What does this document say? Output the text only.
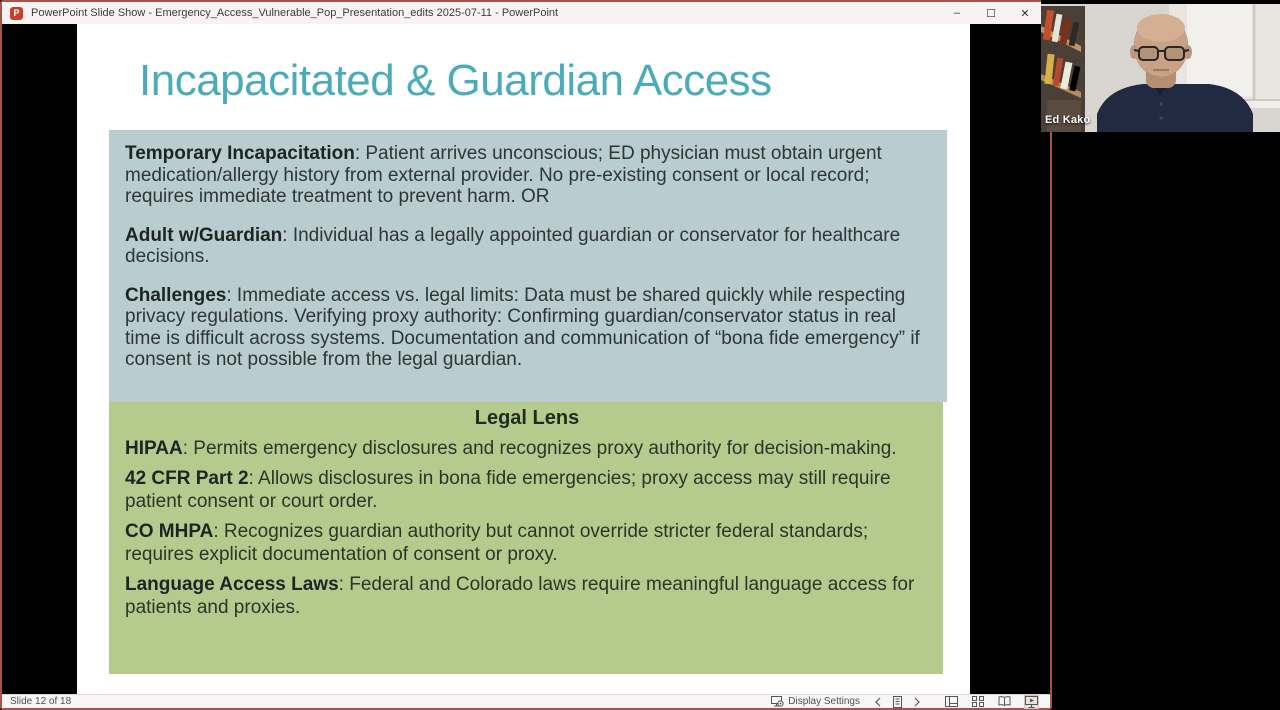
P	PowerPoint Slide Show - Emergency_Access_Vulnerable_Pop_Presentation_edits 2025-07-11 - PowerPoint	–	☐	✕
Incapacitated & Guardian Access

Temporary Incapacitation: Patient arrives unconscious; ED physician must obtain urgent medication/allergy history from external provider. No pre-existing consent or local record; requires immediate treatment to prevent harm. OR

Adult w/Guardian: Individual has a legally appointed guardian or conservator for healthcare decisions.

Challenges: Immediate access vs. legal limits: Data must be shared quickly while respecting privacy regulations. Verifying proxy authority: Confirming guardian/conservator status in real time is difficult across systems. Documentation and communication of “bona fide emergency” if consent is not possible from the legal guardian.

Legal Lens

HIPAA: Permits emergency disclosures and recognizes proxy authority for decision-making.

42 CFR Part 2: Allows disclosures in bona fide emergencies; proxy access may still require patient consent or court order.

CO MHPA: Recognizes guardian authority but cannot override stricter federal standards; requires explicit documentation of consent or proxy.

Language Access Laws: Federal and Colorado laws require meaningful language access for patients and proxies.

Slide 12 of 18	Display Settings
Ed Kako
